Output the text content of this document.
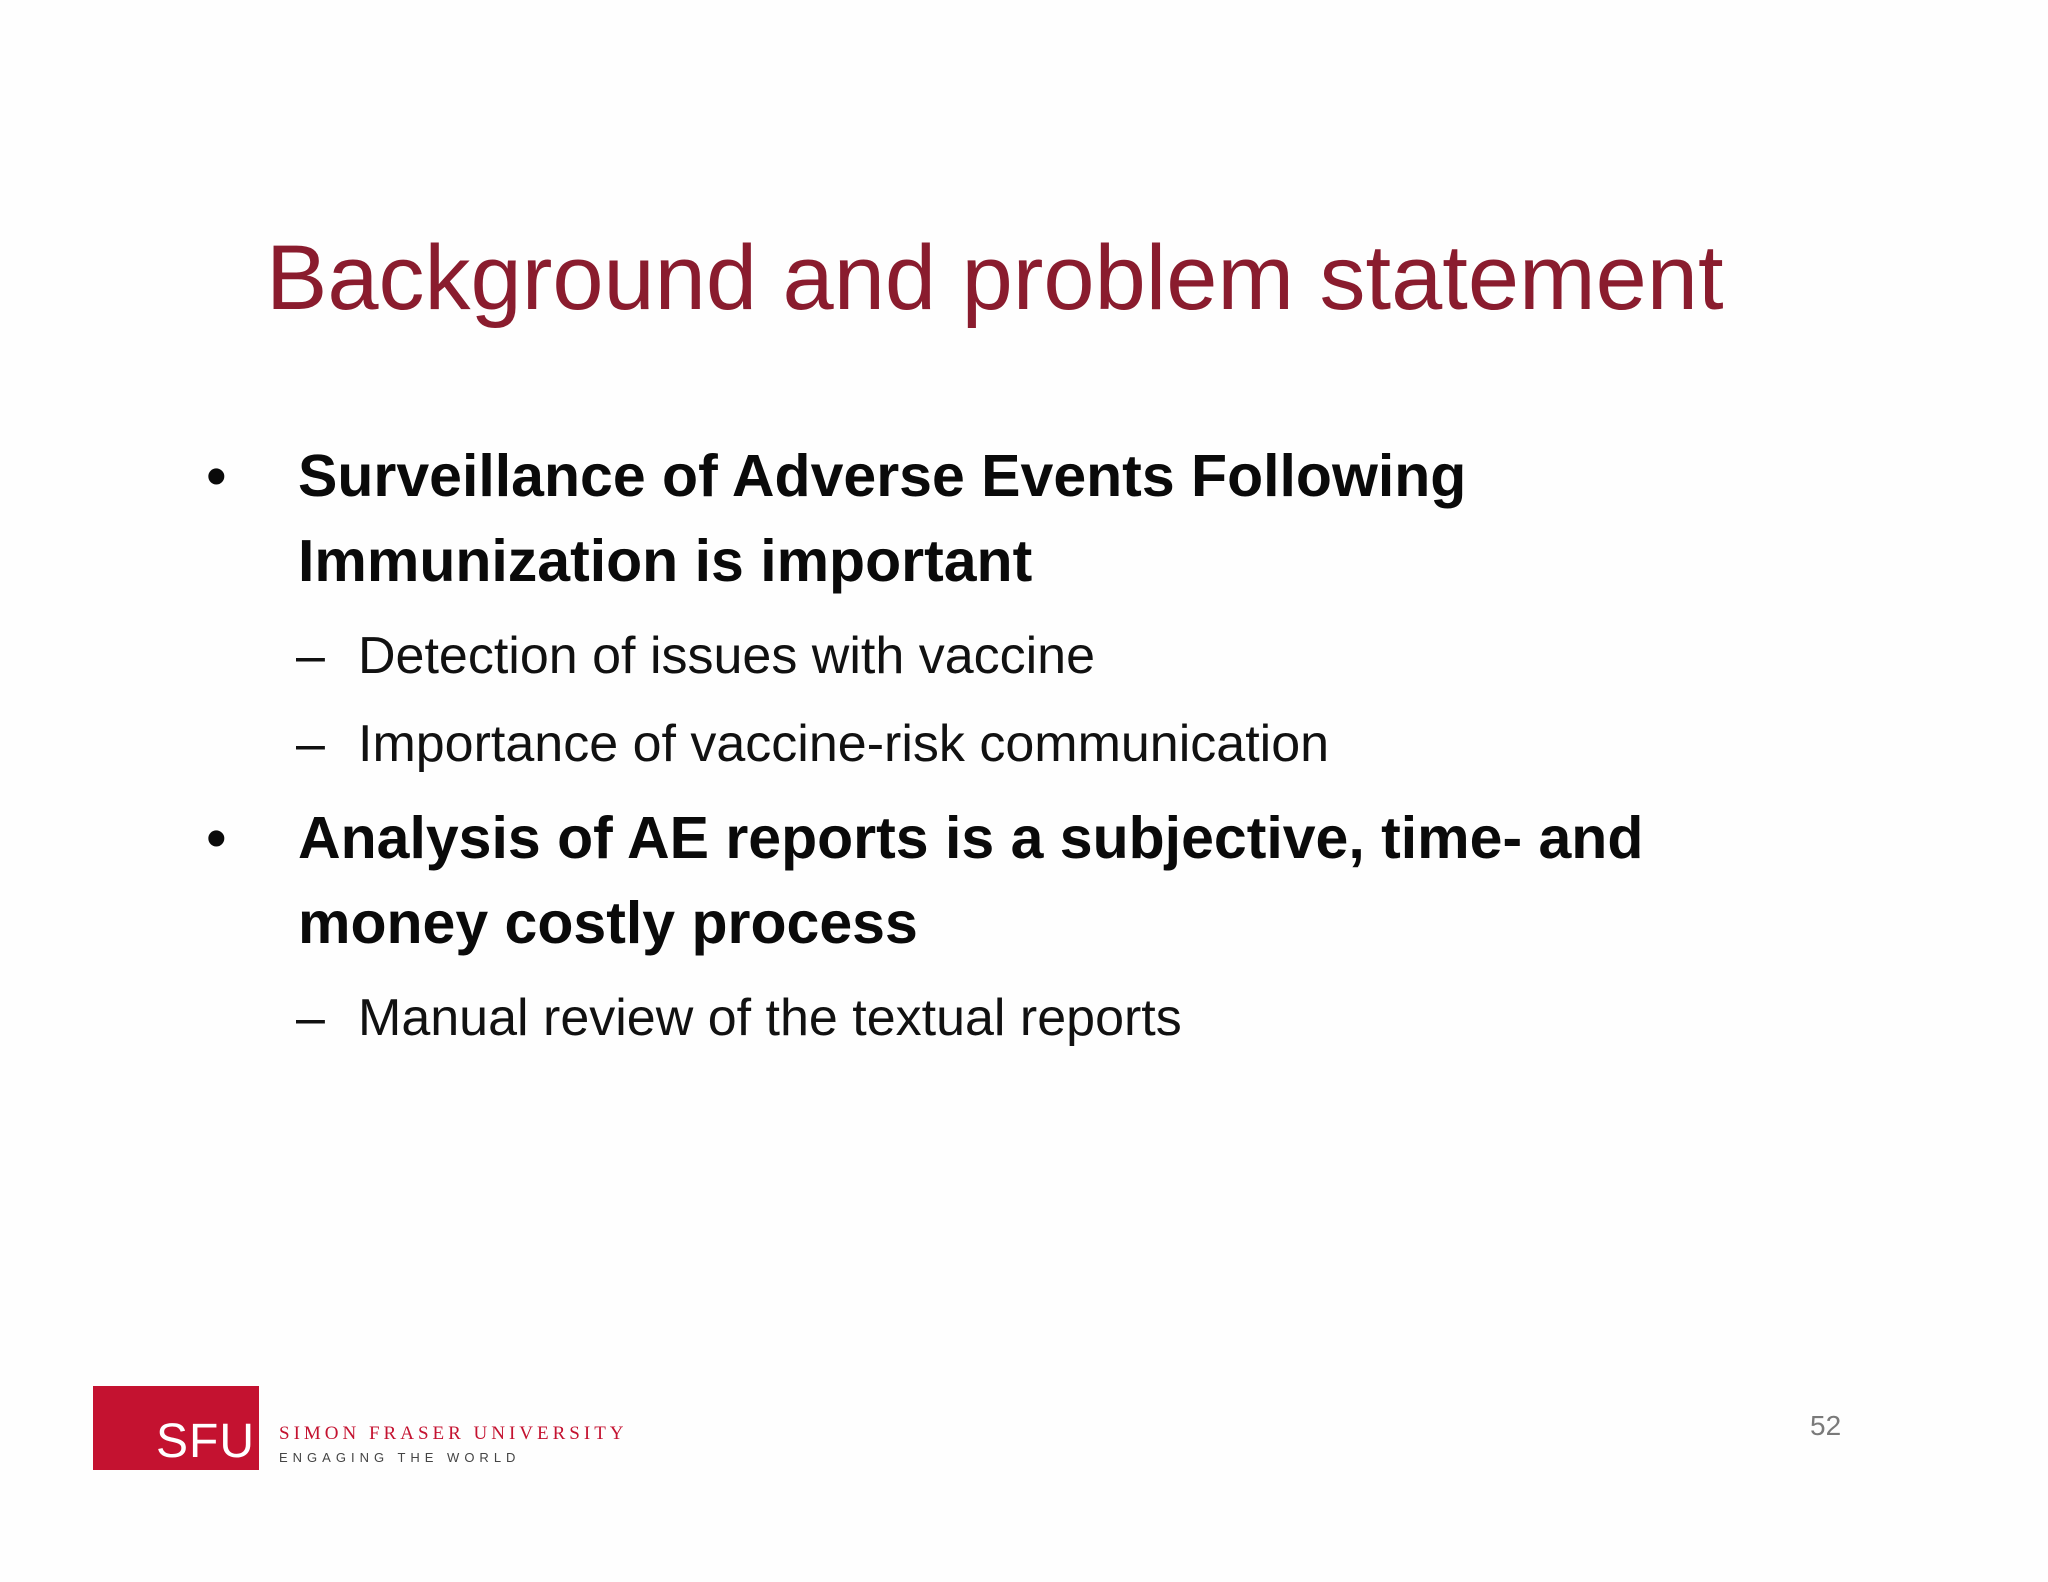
Background and problem statement
• Surveillance of Adverse Events Following
Immunization is important
– Detection of issues with vaccine
– Importance of vaccine-risk communication
• Analysis of AE reports is a subjective, time- and
money costly process
– Manual review of the textual reports
SFU SIMON FRASER UNIVERSITY
ENGAGING THE WORLD
52
